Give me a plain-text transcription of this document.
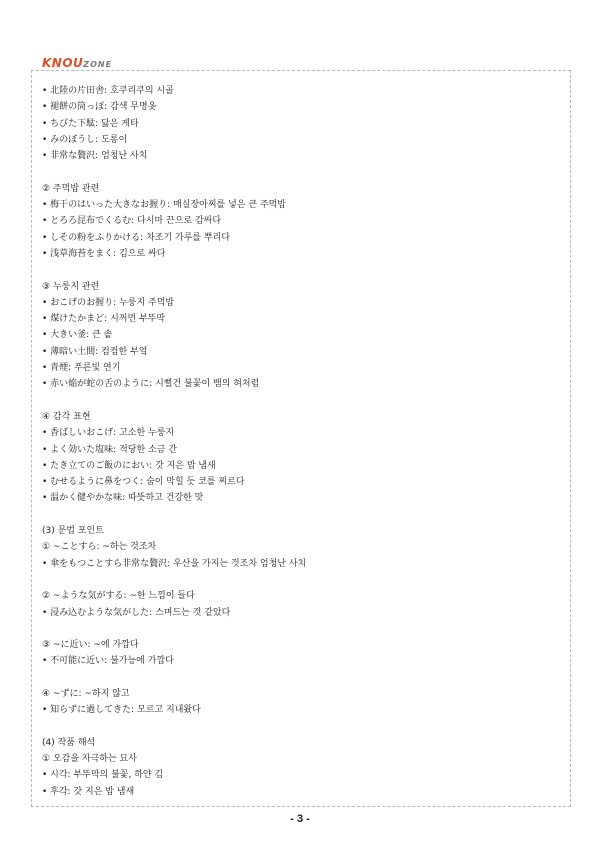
KNOUZONE
• 北陸の片田舎: 호쿠리쿠의 시골
• 褪餅の筒っぽ: 감색 무명옷
• ちびた下駄: 닳은 게타
• みのぼうし: 도롱이
• 非常な贅沢: 엄청난 사치
② 주먹밥 관련
• 梅干のはいった大きなお握り: 매실장아찌를 넣은 큰 주먹밥
• とろろ昆布でくるむ: 다시마 끈으로 감싸다
• しその粉をふりかける: 차조기 가루를 뿌리다
• 浅草海苔をまく: 김으로 싸다
③ 누룽지 관련
• おこげのお握り: 누룽지 주먹밥
• 煤けたかまど: 시꺼먼 부뚜막
• 大きい釜: 큰 솥
• 薄暗い土間: 컴컴한 부엌
• 青煙: 푸른빛 연기
• 赤い焔が蛇の舌のように: 시뻘건 불꽃이 뱀의 혀처럼
④ 감각 표현
• 香ばしいおこげ: 고소한 누룽지
• よく効いた塩味: 적당한 소금 간
• たき立てのご飯のにおい: 갓 지은 밥 냄새
• むせるように鼻をつく: 숨이 막힐 듯 코를 찌르다
• 温かく健やかな味: 따뜻하고 건강한 맛
(3) 문법 포인트
① ~ことすら: ~하는 것조차
• 傘をもつことすら非常な贅沢: 우산을 가지는 것조차 엄청난 사치
② ~ような気がする: ~한 느낌이 들다
• 浸み込むような気がした: 스며드는 것 같았다
③ ~に近い: ~에 가깝다
• 不可能に近い: 불가능에 가깝다
④ ~ずに: ~하지 않고
• 知らずに過してきた: 모르고 지내왔다
(4) 작품 해석
① 오감을 자극하는 묘사
• 시각: 부뚜막의 불꽃, 하얀 김
• 후각: 갓 지은 밥 냄새
- 3 -
